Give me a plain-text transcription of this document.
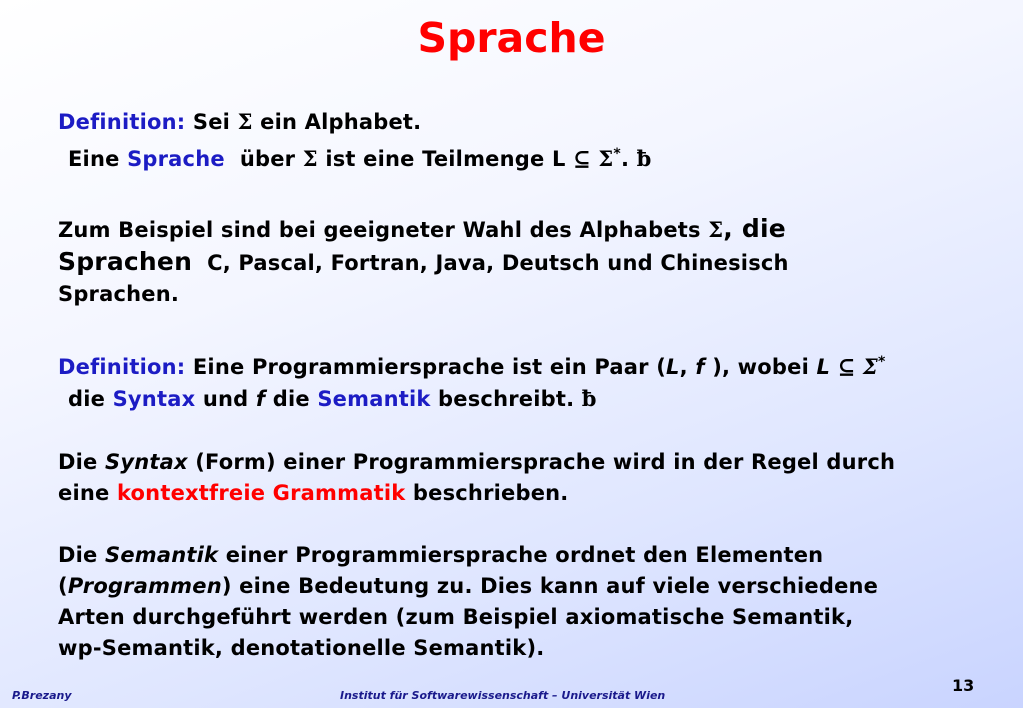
Sprache
Definition: Sei Σ ein Alphabet.
Eine Sprache über Σ ist eine Teilmenge L ⊆ Σ*. ƀ
Zum Beispiel sind bei geeigneter Wahl des Alphabets Σ, die
Sprachen C, Pascal, Fortran, Java, Deutsch und Chinesisch
Sprachen.
Definition: Eine Programmiersprache ist ein Paar (L, f ), wobei L ⊆ Σ*
die Syntax und f die Semantik beschreibt. ƀ
Die Syntax (Form) einer Programmiersprache wird in der Regel durch
eine kontextfreie Grammatik beschrieben.
Die Semantik einer Programmiersprache ordnet den Elementen
(Programmen) eine Bedeutung zu. Dies kann auf viele verschiedene
Arten durchgeführt werden (zum Beispiel axiomatische Semantik,
wp-Semantik, denotationelle Semantik).
13
P.Brezany	Institut für Softwarewissenschaft – Universität Wien
